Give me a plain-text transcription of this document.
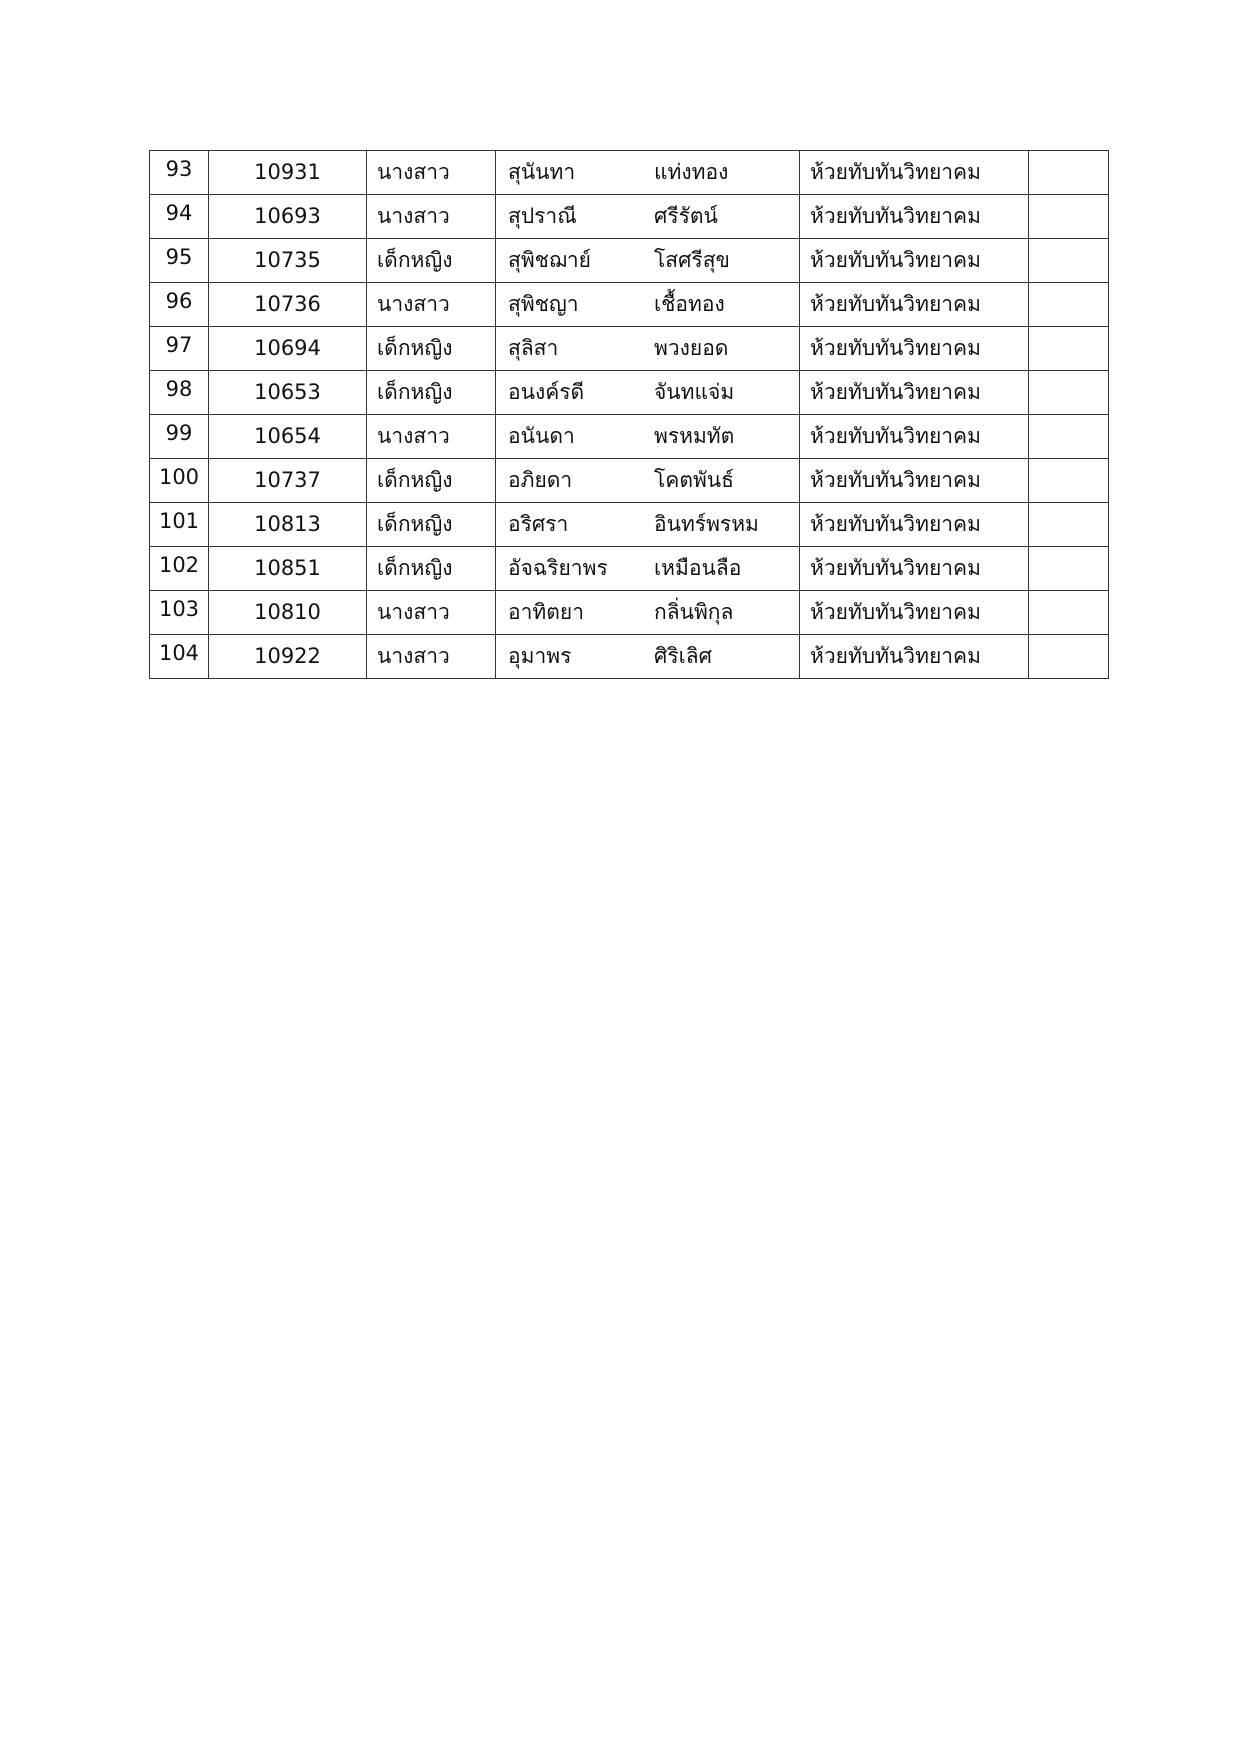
93	10931	นางสาว	สุนันทา	แท่งทอง	ห้วยทับทันวิทยาคม	
94	10693	นางสาว	สุปราณี	ศรีรัตน์	ห้วยทับทันวิทยาคม	
95	10735	เด็กหญิง	สุพิชฌาย์	โสศรีสุข	ห้วยทับทันวิทยาคม	
96	10736	นางสาว	สุพิชญา	เชื้อทอง	ห้วยทับทันวิทยาคม	
97	10694	เด็กหญิง	สุลิสา	พวงยอด	ห้วยทับทันวิทยาคม	
98	10653	เด็กหญิง	อนงค์รดี	จันทแจ่ม	ห้วยทับทันวิทยาคม	
99	10654	นางสาว	อนันดา	พรหมทัต	ห้วยทับทันวิทยาคม	
100	10737	เด็กหญิง	อภิยดา	โคตพันธ์	ห้วยทับทันวิทยาคม	
101	10813	เด็กหญิง	อริศรา	อินทร์พรหม	ห้วยทับทันวิทยาคม	
102	10851	เด็กหญิง	อัจฉริยาพร	เหมือนลือ	ห้วยทับทันวิทยาคม	
103	10810	นางสาว	อาทิตยา	กลิ่นพิกุล	ห้วยทับทันวิทยาคม	
104	10922	นางสาว	อุมาพร	ศิริเลิศ	ห้วยทับทันวิทยาคม	
